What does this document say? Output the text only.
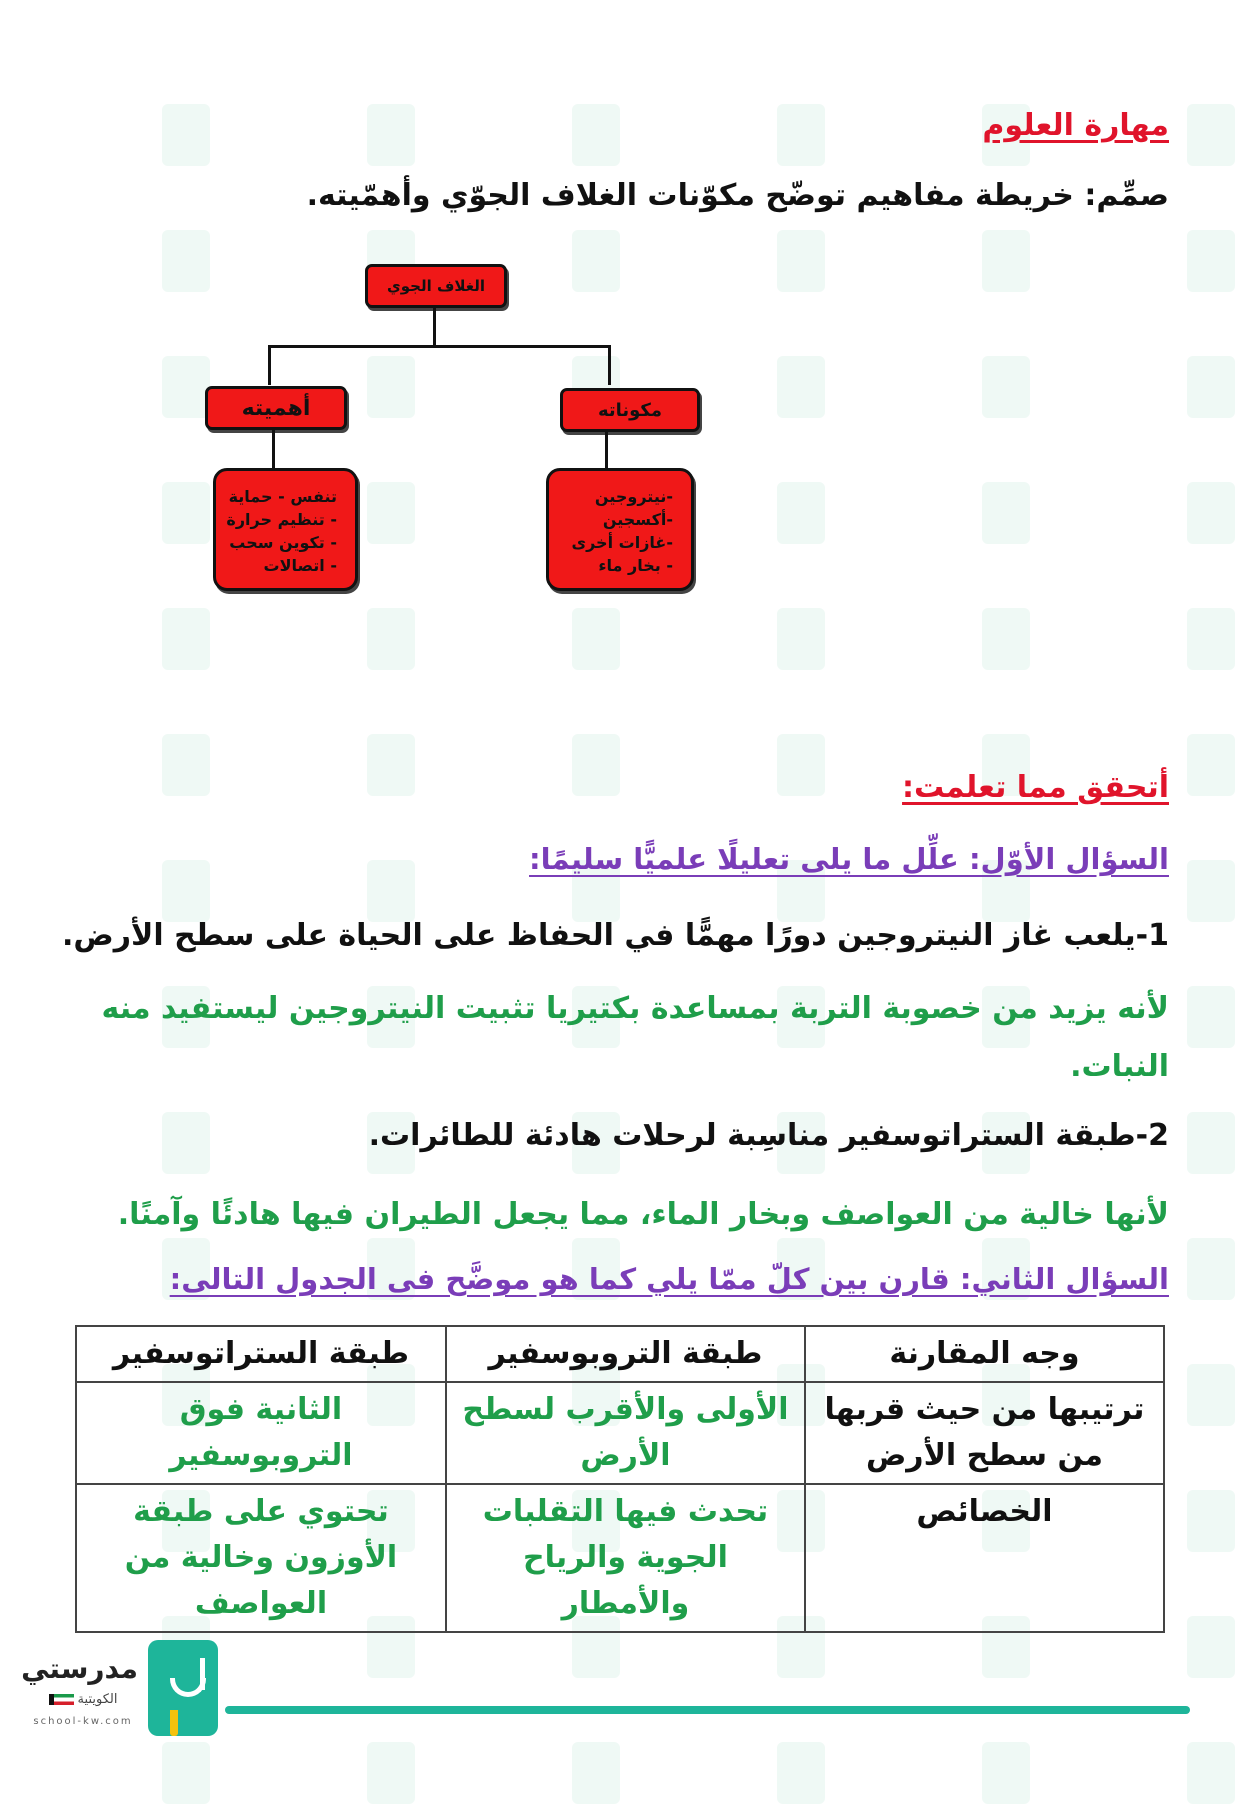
مهارة العلوم
صمِّم: خريطة مفاهيم توضّح مكوّنات الغلاف الجوّي وأهمّيته.
الغلاف الجوي
أهميته	مكوناته
تنفس - حماية
- تنظيم حرارة
- تكوين سحب
- اتصالات
-نيتروجين
-أكسجين
-غازات أخرى
- بخار ماء
أتحقق مما تعلمت:
السؤال الأوّل: علِّل ما يلى تعليلًا علميًّا سليمًا:
1-يلعب غاز النيتروجين دورًا مهمًّا في الحفاظ على الحياة على سطح الأرض.
لأنه يزيد من خصوبة التربة بمساعدة بكتيريا تثبيت النيتروجين ليستفيد منه النبات.
2-طبقة الستراتوسفير مناسِبة لرحلات هادئة للطائرات.
لأنها خالية من العواصف وبخار الماء، مما يجعل الطيران فيها هادئًا وآمنًا.
السؤال الثاني: قارن بين كلّ ممّا يلي كما هو موضَّح فى الجدول التالى:
وجه المقارنة	طبقة التروبوسفير	طبقة الستراتوسفير
ترتيبها من حيث قربها من سطح الأرض	الأولى والأقرب لسطح الأرض	الثانية فوق التروبوسفير
الخصائص	تحدث فيها التقلبات الجوية والرياح والأمطار	تحتوي على طبقة الأوزون وخالية من العواصف
مدرستي
الكويتية
school-kw.com
